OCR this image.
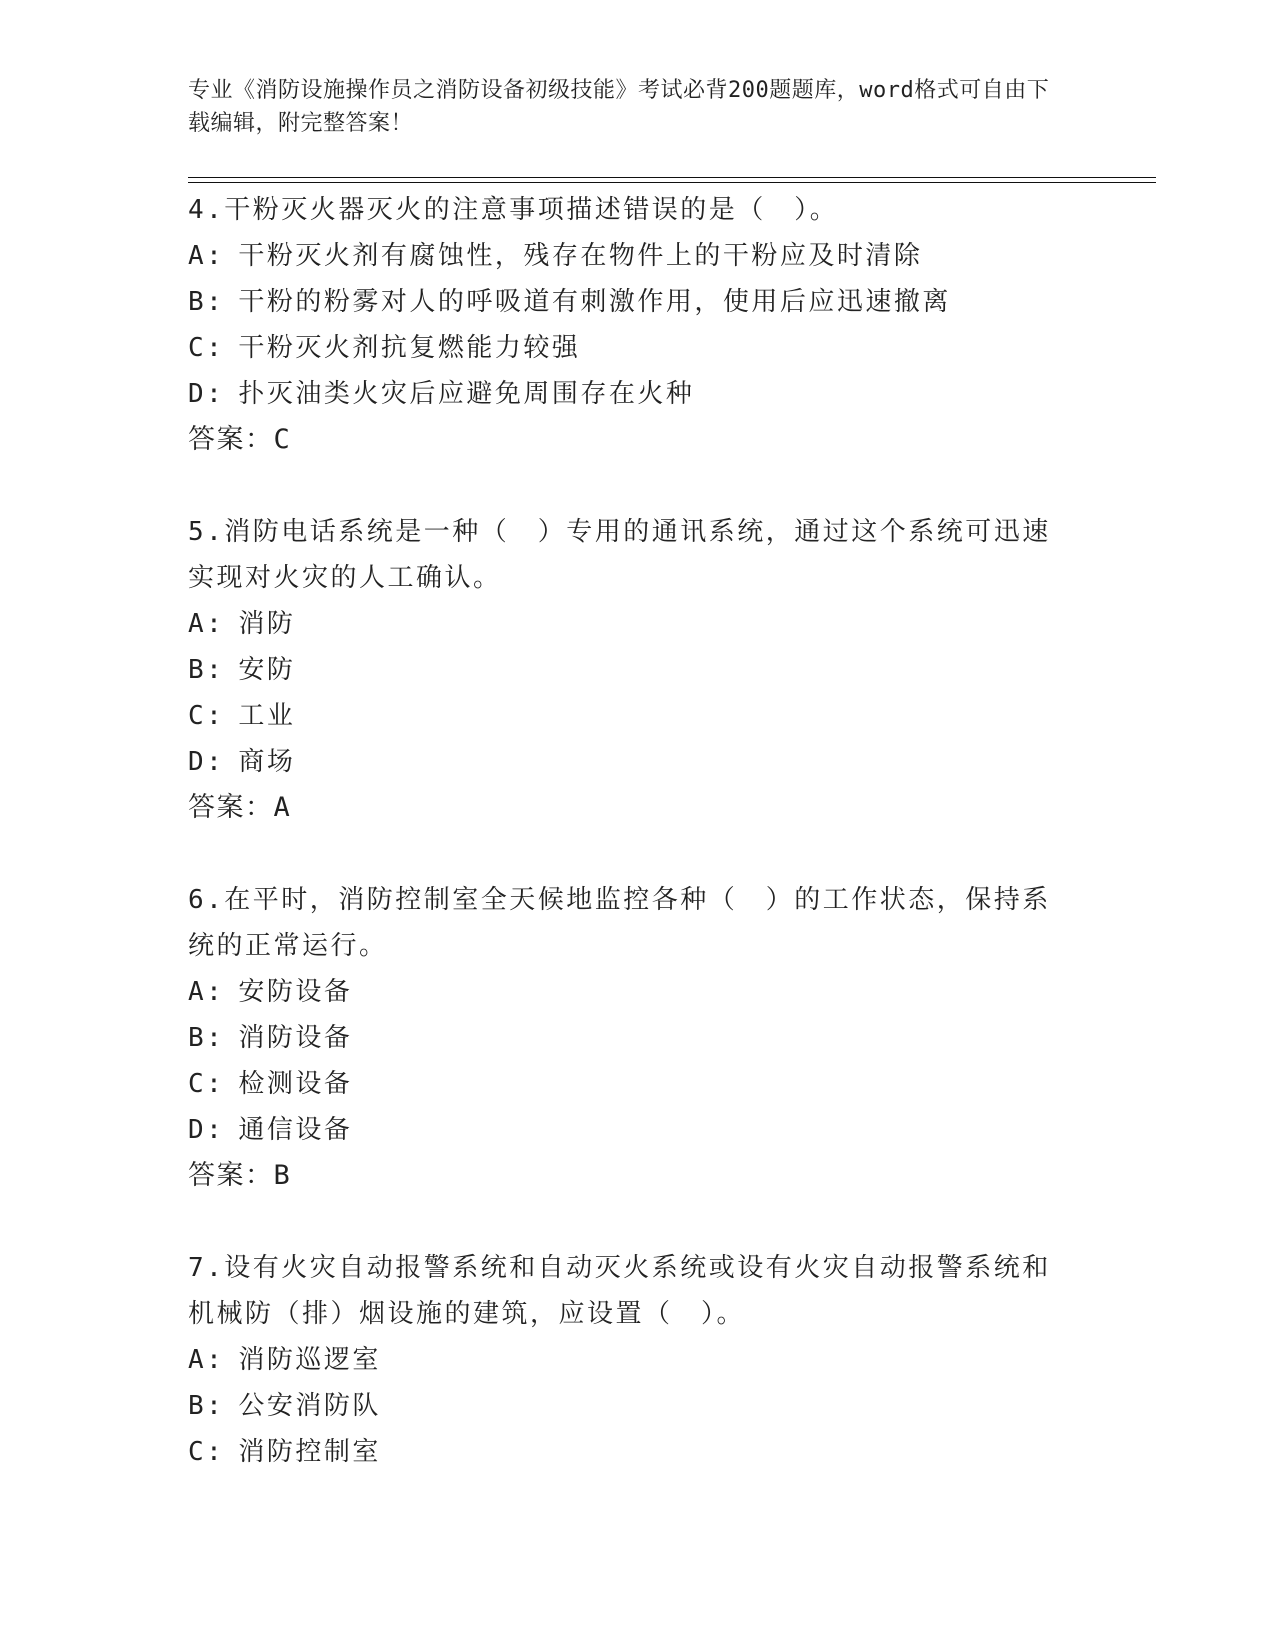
专业《消防设施操作员之消防设备初级技能》考试必背200题题库，word格式可自由下载编辑，附完整答案！

4.干粉灭火器灭火的注意事项描述错误的是（　）。

A: 干粉灭火剂有腐蚀性，残存在物件上的干粉应及时清除

B: 干粉的粉雾对人的呼吸道有刺激作用，使用后应迅速撤离

C: 干粉灭火剂抗复燃能力较强

D: 扑灭油类火灾后应避免周围存在火种

答案：C

5.消防电话系统是一种（　）专用的通讯系统，通过这个系统可迅速实现对火灾的人工确认。

A: 消防

B: 安防

C: 工业

D: 商场

答案：A

6.在平时，消防控制室全天候地监控各种（　）的工作状态，保持系统的正常运行。

A: 安防设备

B: 消防设备

C: 检测设备

D: 通信设备

答案：B

7.设有火灾自动报警系统和自动灭火系统或设有火灾自动报警系统和机械防（排）烟设施的建筑，应设置（　）。

A: 消防巡逻室

B: 公安消防队

C: 消防控制室
